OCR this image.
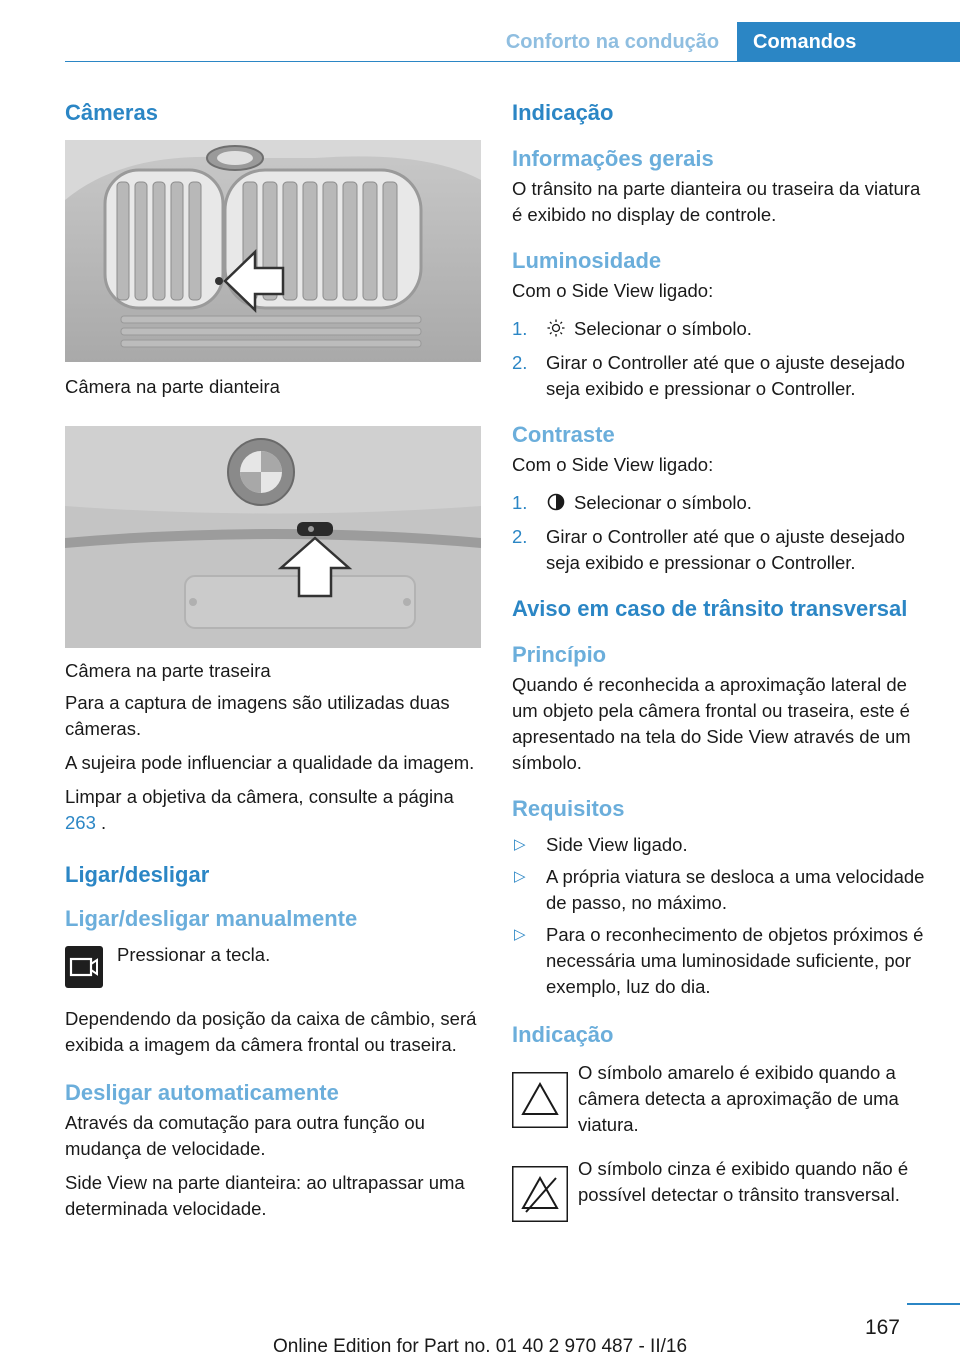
Conforto na condução	Comandos
Câmeras
Câmera na parte dianteira
Câmera na parte traseira

Para a captura de imagens são utilizadas duas câmeras.

A sujeira pode influenciar a qualidade da imagem.

Limpar a objetiva da câmera, consulte a página 263 .

Ligar/desligar
Ligar/desligar manualmente
Pressionar a tecla.

Dependendo da posição da caixa de câmbio, será exibida a imagem da câmera frontal ou traseira.

Desligar automaticamente

Através da comutação para outra função ou mudança de velocidade.

Side View na parte dianteira: ao ultrapassar uma determinada velocidade.

Indicação
Informações gerais

O trânsito na parte dianteira ou traseira da viatura é exibido no display de controle.

Luminosidade

Com o Side View ligado:

1.	Selecionar o símbolo.
2. Girar o Controller até que o ajuste desejado seja exibido e pressionar o Controller.
Contraste

Com o Side View ligado:

1.	Selecionar o símbolo.
2. Girar o Controller até que o ajuste desejado seja exibido e pressionar o Controller.
Aviso em caso de trânsito transversal
Princípio

Quando é reconhecida a aproximação lateral de um objeto pela câmera frontal ou traseira, este é apresentado na tela do Side View através de um símbolo.

Requisitos
▷ Side View ligado.
▷ A própria viatura se desloca a uma velocidade de passo, no máximo.
▷ Para o reconhecimento de objetos próximos é necessária uma luminosidade suficiente, por exemplo, luz do dia.
Indicação
O símbolo amarelo é exibido quando a câmera detecta a aproximação de uma viatura.
O símbolo cinza é exibido quando não é possível detectar o trânsito transversal.
167
Online Edition for Part no. 01 40 2 970 487 - II/16
